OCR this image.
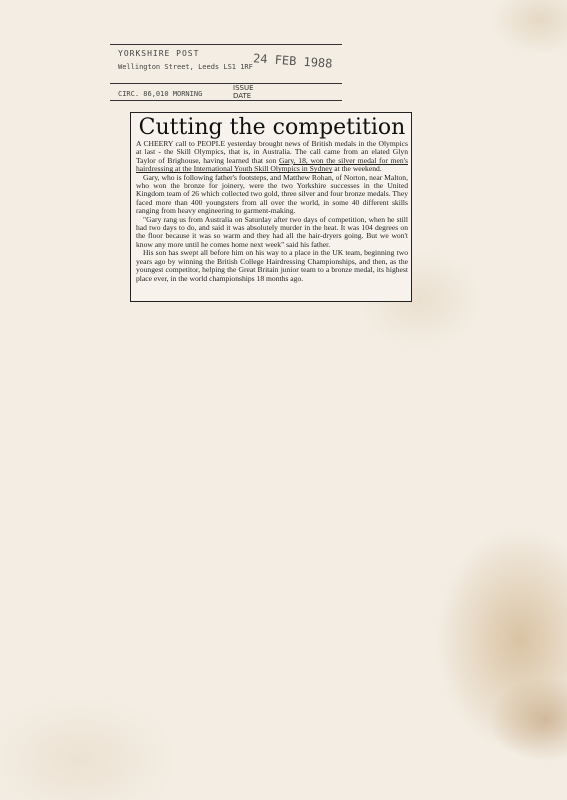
YORKSHIRE POST
Wellington Street, Leeds LS1 1RF 24 FEB 1988
CIRC. 86,010 MORNING
ISSUE
DATE
Cutting the competition

A CHEERY call to PEOPLE yesterday brought news of British medals in the Olympics at last - the Skill Olympics, that is, in Australia. The call came from an elated Glyn Taylor of Brighouse, having learned that son Gary, 18, won the silver medal for men's hairdressing at the International Youth Skill Olympics in Sydney at the weekend.

Gary, who is following father's footsteps, and Matthew Rohan, of Norton, near Malton, who won the bronze for joinery, were the two Yorkshire successes in the United Kingdom team of 26 which collected two gold, three silver and four bronze medals. They faced more than 400 youngsters from all over the world, in some 40 different skills ranging from heavy engineering to garment-making.

"Gary rang us from Australia on Saturday after two days of competition, when he still had two days to do, and said it was absolutely murder in the heat. It was 104 degrees on the floor because it was so warm and they had all the hair-dryers going. But we won't know any more until he comes home next week" said his father.

His son has swept all before him on his way to a place in the UK team, beginning two years ago by winning the British College Hairdressing Championships, and then, as the youngest competitor, helping the Great Britain junior team to a bronze medal, its highest place ever, in the world championships 18 months ago.
